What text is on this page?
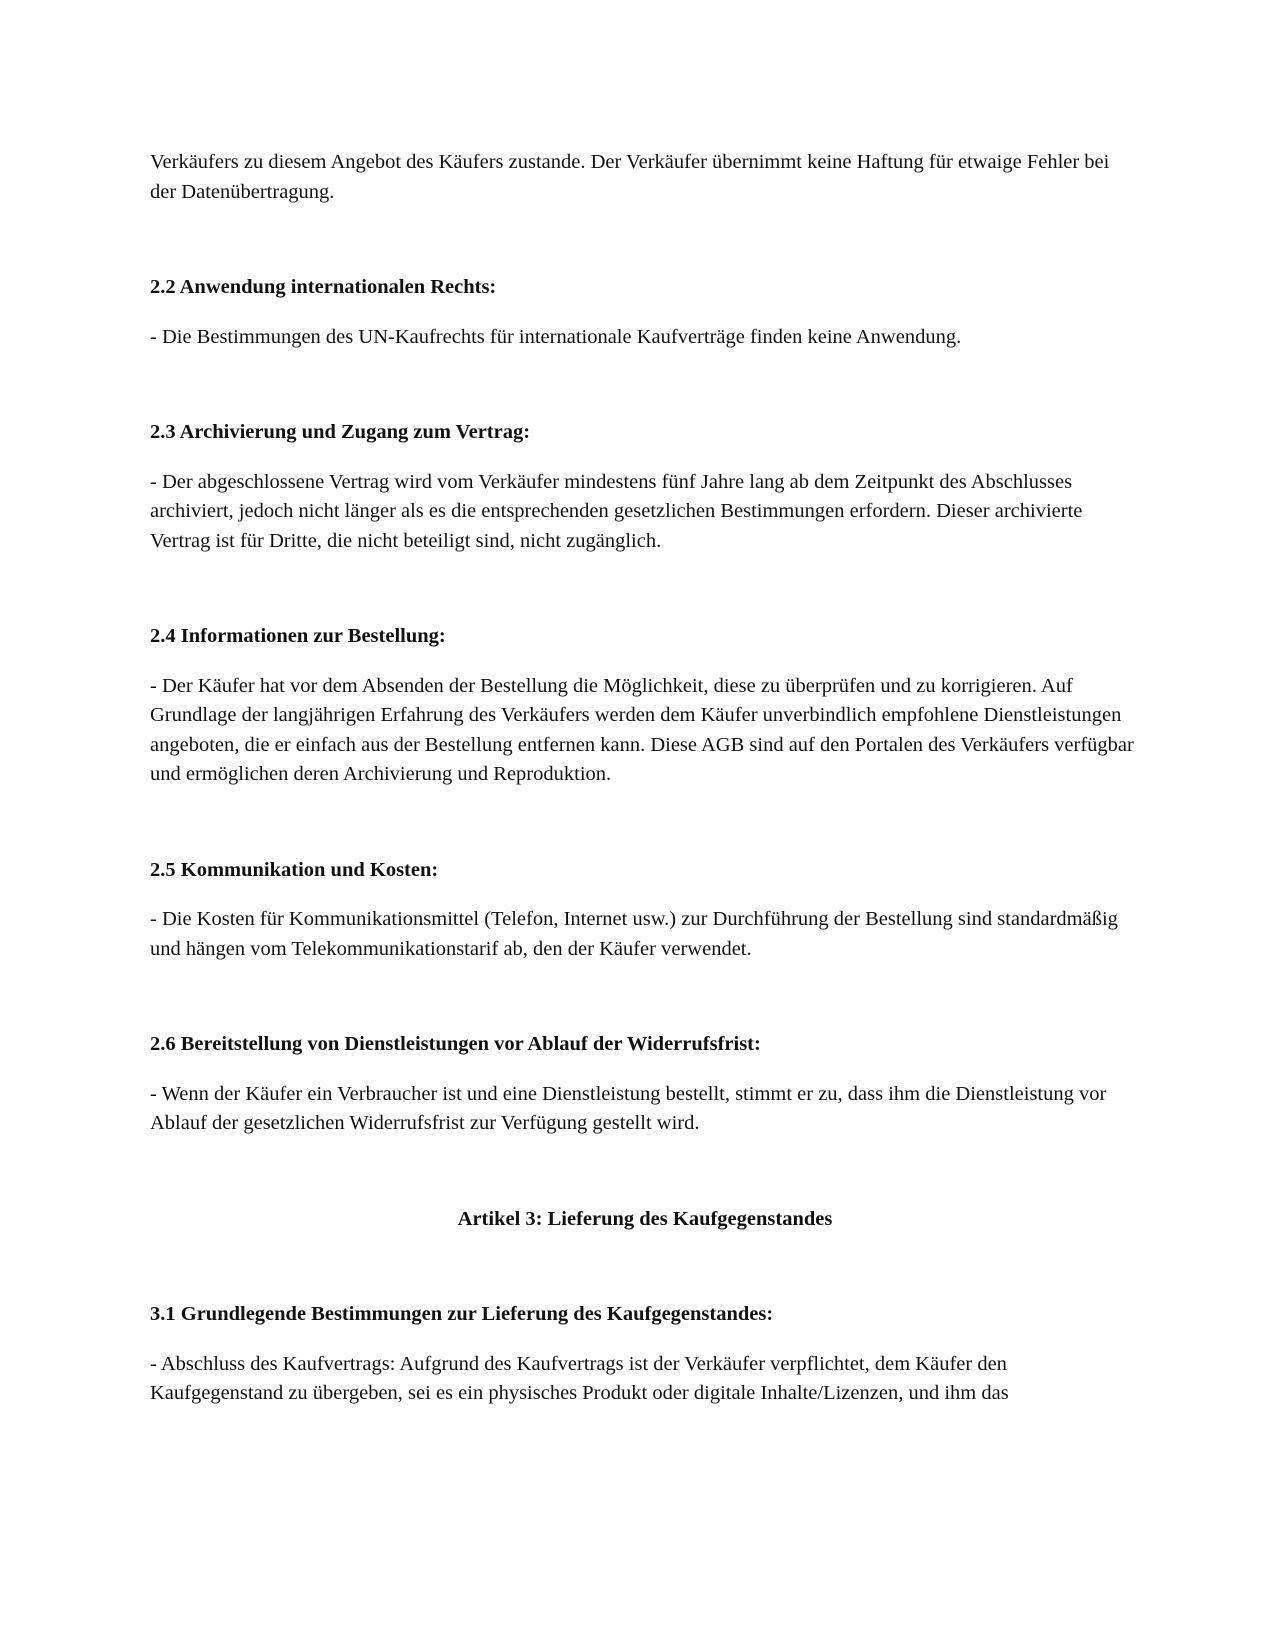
Verkäufers zu diesem Angebot des Käufers zustande. Der Verkäufer übernimmt keine Haftung für etwaige Fehler bei der Datenübertragung.

2.2 Anwendung internationalen Rechts:

- Die Bestimmungen des UN-Kaufrechts für internationale Kaufverträge finden keine Anwendung.

2.3 Archivierung und Zugang zum Vertrag:

- Der abgeschlossene Vertrag wird vom Verkäufer mindestens fünf Jahre lang ab dem Zeitpunkt des Abschlusses archiviert, jedoch nicht länger als es die entsprechenden gesetzlichen Bestimmungen erfordern. Dieser archivierte Vertrag ist für Dritte, die nicht beteiligt sind, nicht zugänglich.

2.4 Informationen zur Bestellung:

- Der Käufer hat vor dem Absenden der Bestellung die Möglichkeit, diese zu überprüfen und zu korrigieren. Auf Grundlage der langjährigen Erfahrung des Verkäufers werden dem Käufer unverbindlich empfohlene Dienstleistungen angeboten, die er einfach aus der Bestellung entfernen kann. Diese AGB sind auf den Portalen des Verkäufers verfügbar und ermöglichen deren Archivierung und Reproduktion.

2.5 Kommunikation und Kosten:

- Die Kosten für Kommunikationsmittel (Telefon, Internet usw.) zur Durchführung der Bestellung sind standardmäßig und hängen vom Telekommunikationstarif ab, den der Käufer verwendet.

2.6 Bereitstellung von Dienstleistungen vor Ablauf der Widerrufsfrist:

- Wenn der Käufer ein Verbraucher ist und eine Dienstleistung bestellt, stimmt er zu, dass ihm die Dienstleistung vor Ablauf der gesetzlichen Widerrufsfrist zur Verfügung gestellt wird.

Artikel 3: Lieferung des Kaufgegenstandes

3.1 Grundlegende Bestimmungen zur Lieferung des Kaufgegenstandes:

- Abschluss des Kaufvertrags: Aufgrund des Kaufvertrags ist der Verkäufer verpflichtet, dem Käufer den Kaufgegenstand zu übergeben, sei es ein physisches Produkt oder digitale Inhalte/Lizenzen, und ihm das
